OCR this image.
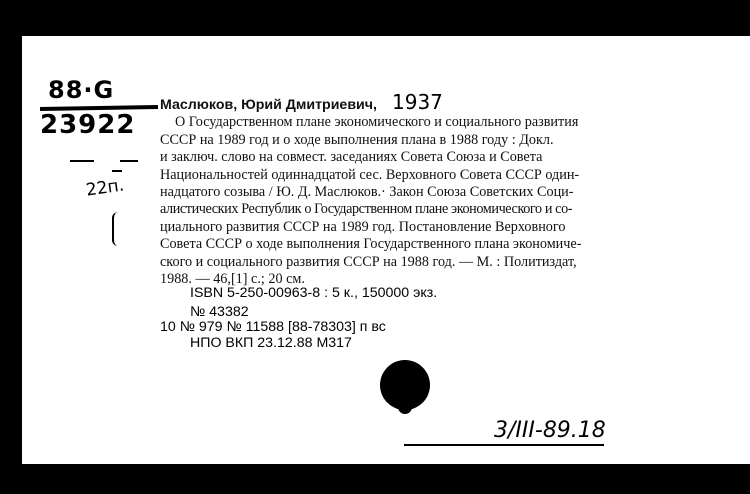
88·G
23922
22п.
1937
Маслюков, Юрий Дмитриевич,
О Государственном плане экономического и социального развития
СССР на 1989 год и о ходе выполнения плана в 1988 году : Докл.
и заключ. слово на совмест. заседаниях Совета Союза и Совета
Национальностей одиннадцатой сес. Верховного Совета СССР один-
надцатого созыва / Ю. Д. Маслюков.· Закон Союза Советских Соци-
алистических Республик о Государственном плане экономического и со-
циального развития СССР на 1989 год. Постановление Верховного
Совета СССР о ходе выполнения Государственного плана экономиче-
ского и социального развития СССР на 1988 год. — М. : Политиздат,
1988. — 46,[1] с.; 20 см.
ISBN 5-250-00963-8 : 5 к., 150000 экз.
№ 43382
10 № 979 № 11588 [88-78303] п вс
НПО ВКП 23.12.88 М317
3/III-89.18
